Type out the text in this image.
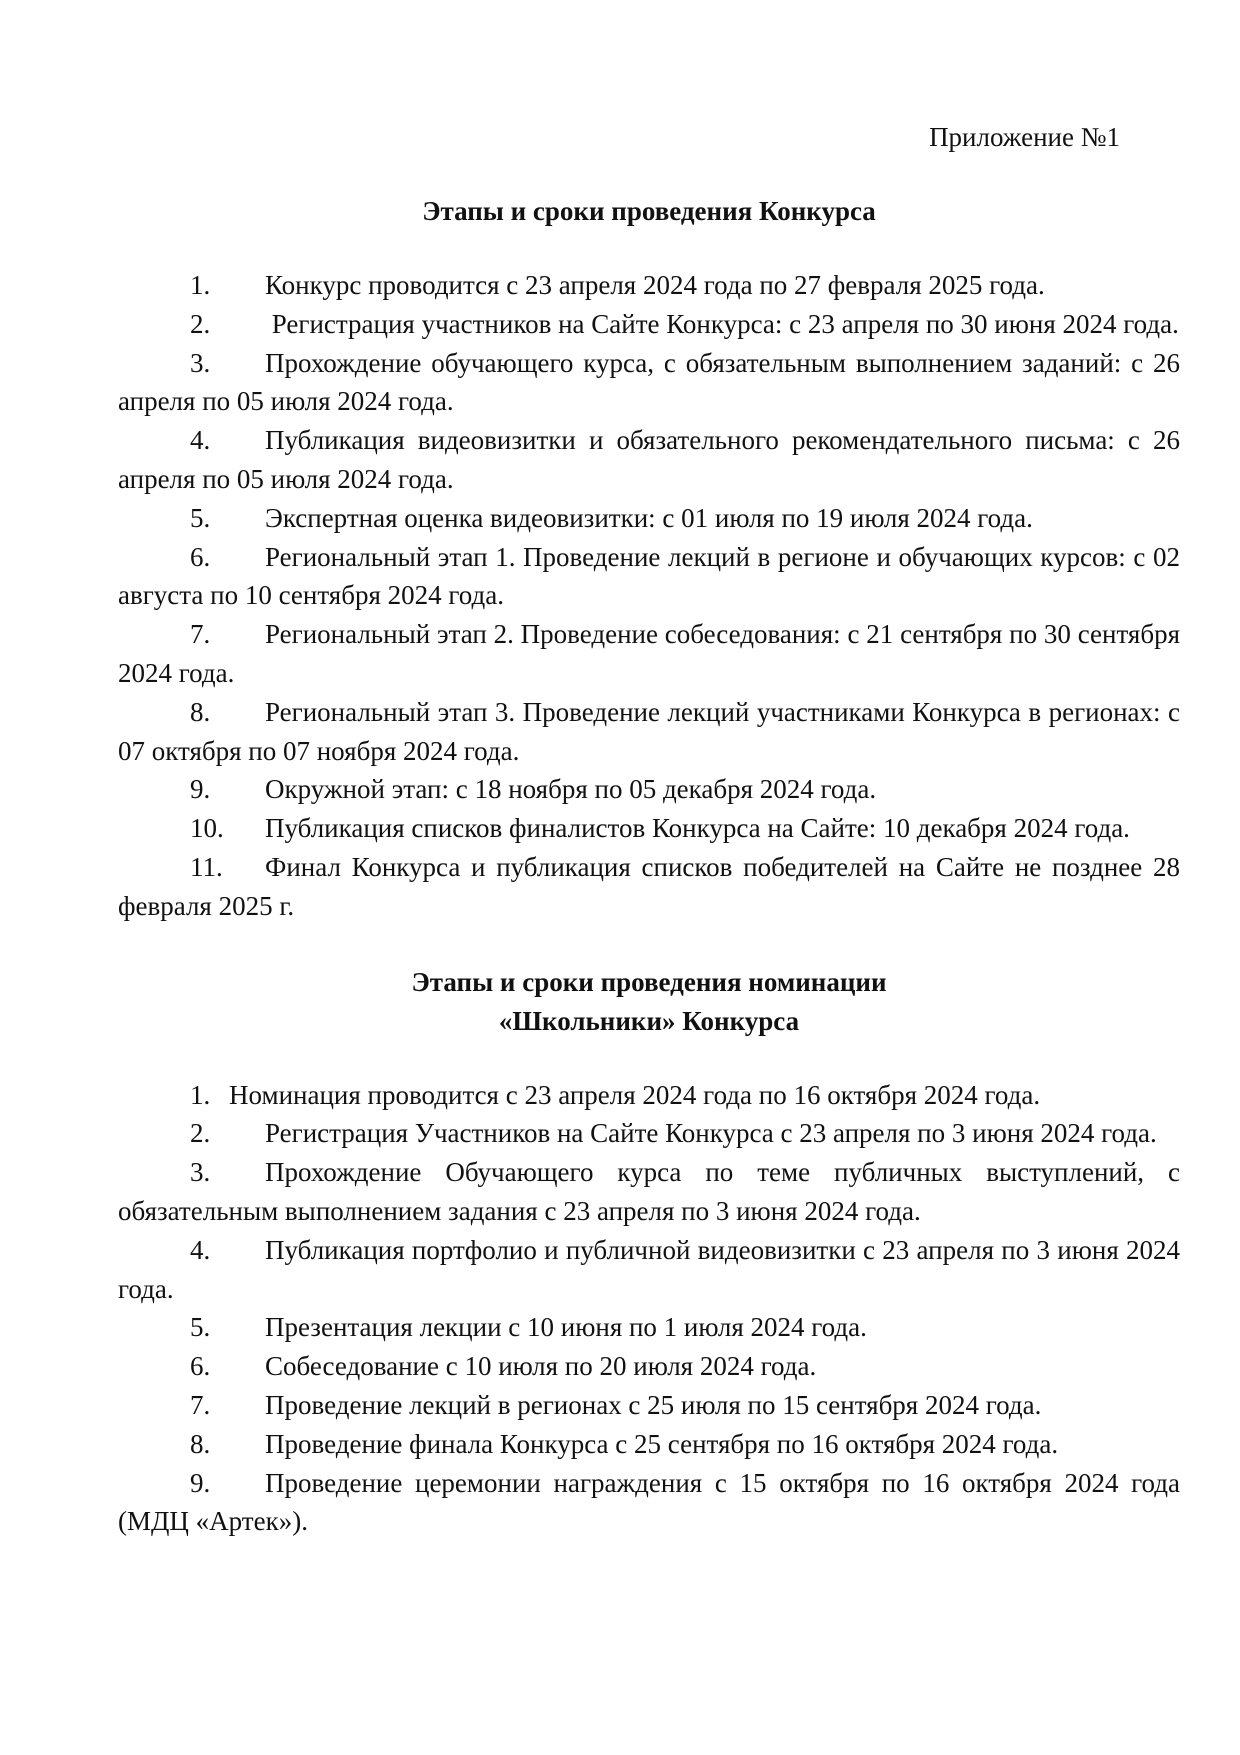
Приложение №1

Этапы и сроки проведения Конкурса
1. Конкурс проводится с 23 апреля 2024 года по 27 февраля 2025 года.
2. Регистрация участников на Сайте Конкурса: с 23 апреля по 30 июня 2024 года.
3. Прохождение обучающего курса, с обязательным выполнением заданий: с 26 апреля по 05 июля 2024 года.
4. Публикация видеовизитки и обязательного рекомендательного письма: с 26 апреля по 05 июля 2024 года.
5. Экспертная оценка видеовизитки: с 01 июля по 19 июля 2024 года.
6. Региональный этап 1. Проведение лекций в регионе и обучающих курсов: с 02 августа по 10 сентября 2024 года.
7. Региональный этап 2. Проведение собеседования: с 21 сентября по 30 сентября 2024 года.
8. Региональный этап 3. Проведение лекций участниками Конкурса в регионах: с 07 октября по 07 ноября 2024 года.
9. Окружной этап: с 18 ноября по 05 декабря 2024 года.
10. Публикация списков финалистов Конкурса на Сайте: 10 декабря 2024 года.
11. Финал Конкурса и публикация списков победителей на Сайте не позднее 28 февраля 2025 г.
Этапы и сроки проведения номинации
«Школьники» Конкурса
1. Номинация проводится с 23 апреля 2024 года по 16 октября 2024 года.
2. Регистрация Участников на Сайте Конкурса с 23 апреля по 3 июня 2024 года.
3. Прохождение Обучающего курса по теме публичных выступлений, с обязательным выполнением задания с 23 апреля по 3 июня 2024 года.
4. Публикация портфолио и публичной видеовизитки с 23 апреля по 3 июня 2024 года.
5. Презентация лекции с 10 июня по 1 июля 2024 года.
6. Собеседование с 10 июля по 20 июля 2024 года.
7. Проведение лекций в регионах с 25 июля по 15 сентября 2024 года.
8. Проведение финала Конкурса с 25 сентября по 16 октября 2024 года.
9. Проведение церемонии награждения с 15 октября по 16 октября 2024 года (МДЦ «Артек»).
